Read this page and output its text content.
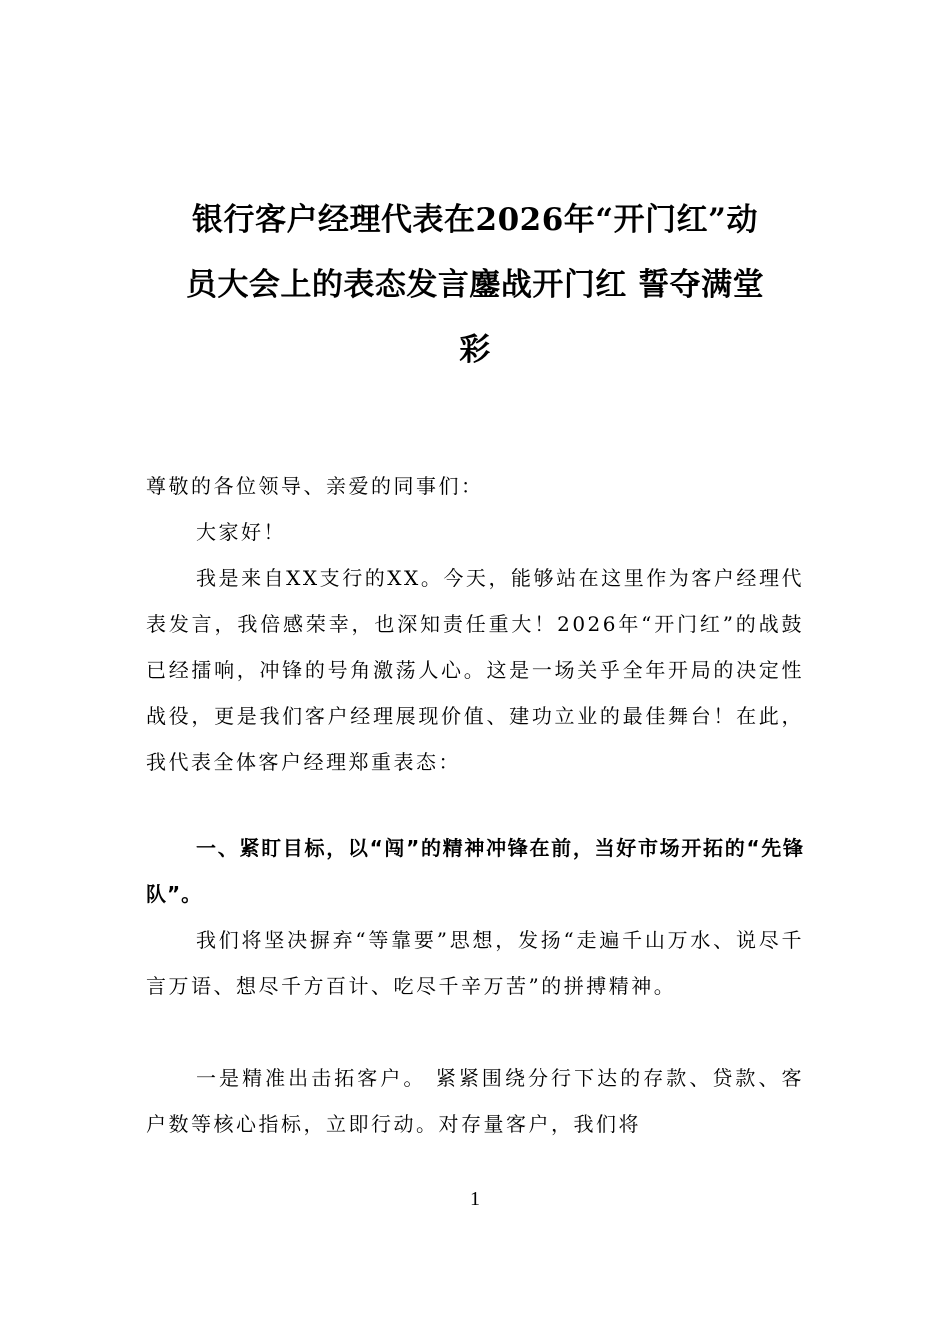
银行客户经理代表在2026年“开门红”动
员大会上的表态发言鏖战开门红 誓夺满堂
彩

尊敬的各位领导、亲爱的同事们：

大家好！

我是来自XX支行的XX。今天，能够站在这里作为客户经理代表发言，我倍感荣幸，也深知责任重大！2026年“开门红”的战鼓已经擂响，冲锋的号角激荡人心。这是一场关乎全年开局的决定性战役，更是我们客户经理展现价值、建功立业的最佳舞台！在此，我代表全体客户经理郑重表态：

一、紧盯目标，以“闯”的精神冲锋在前，当好市场开拓的“先锋队”。

我们将坚决摒弃“等靠要”思想，发扬“走遍千山万水、说尽千言万语、想尽千方百计、吃尽千辛万苦”的拼搏精神。

一是精准出击拓客户。 紧紧围绕分行下达的存款、贷款、客户数等核心指标，立即行动。对存量客户，我们将

1
